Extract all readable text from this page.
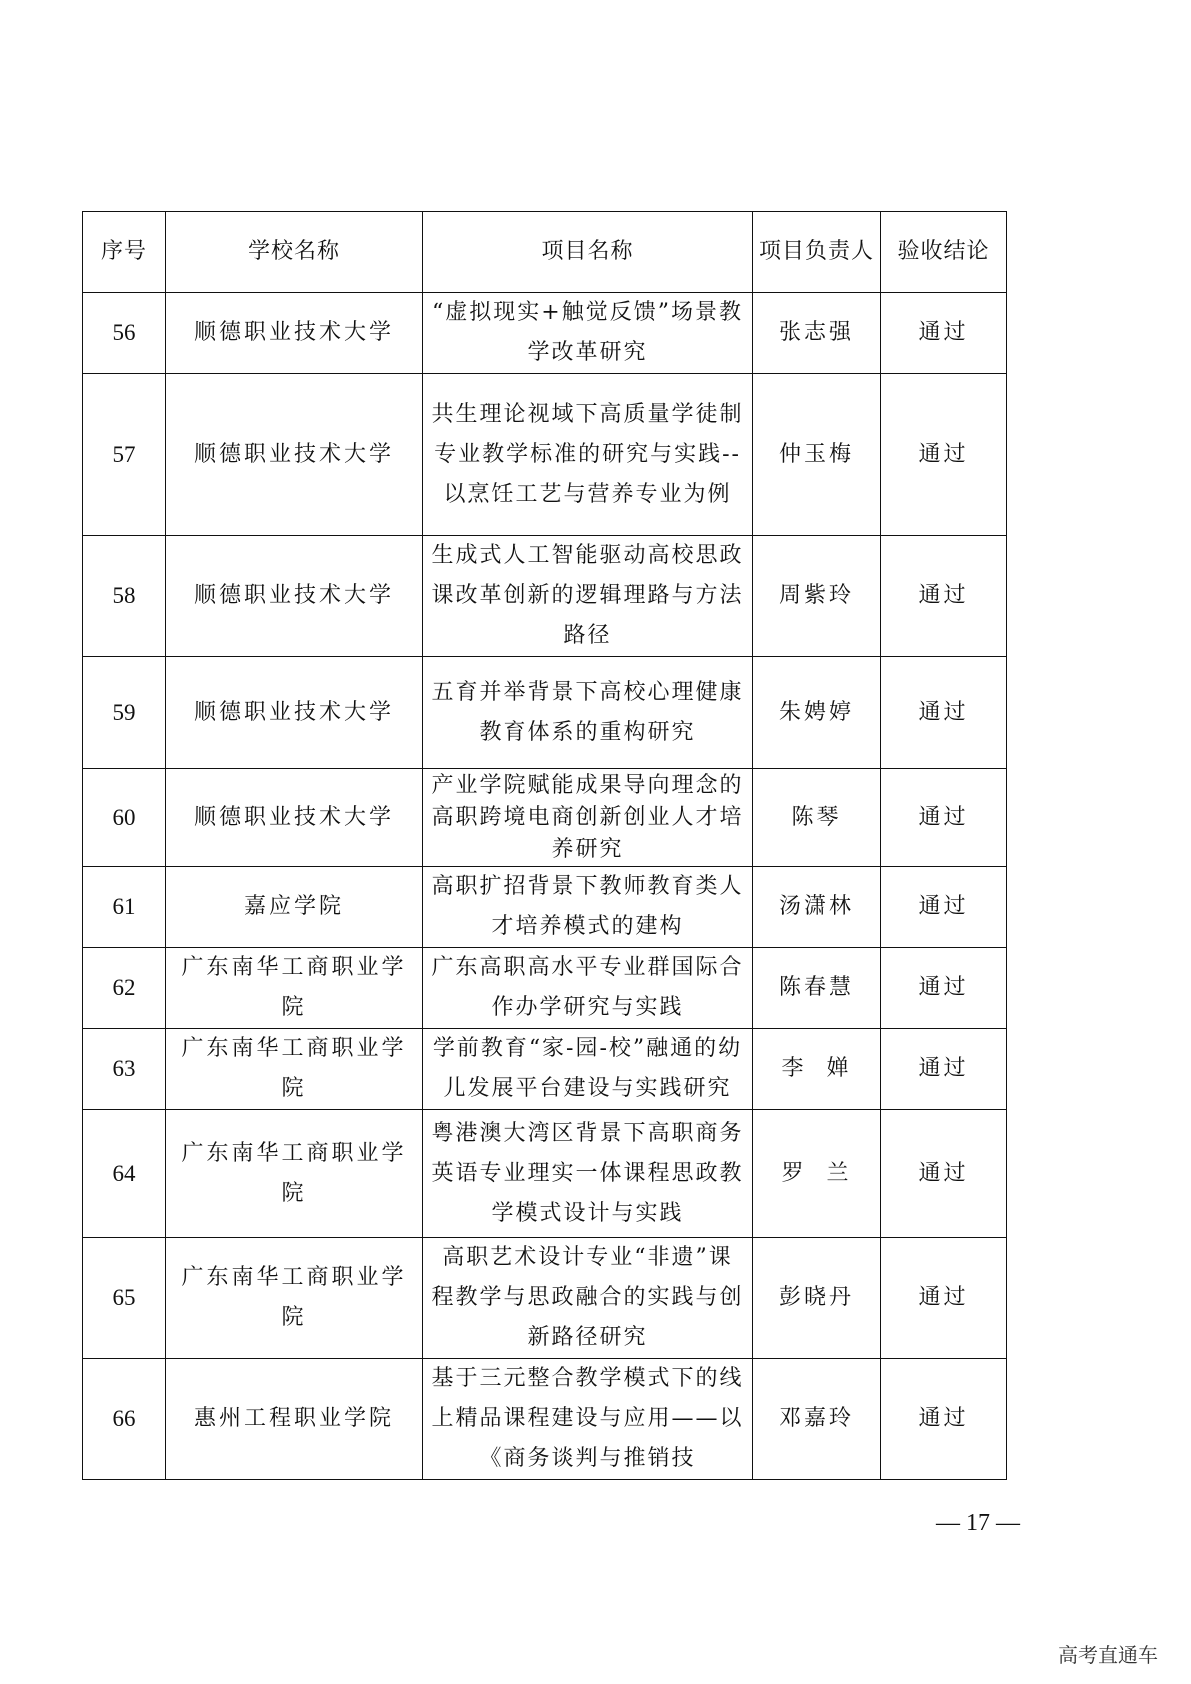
序号	学校名称	项目名称	项目负责人	验收结论
56	顺德职业技术大学	“虚拟现实+触觉反馈”场景教学改革研究	张志强	通过
57	顺德职业技术大学	共生理论视域下高质量学徒制专业教学标准的研究与实践--以烹饪工艺与营养专业为例	仲玉梅	通过
58	顺德职业技术大学	生成式人工智能驱动高校思政课改革创新的逻辑理路与方法路径	周紫玲	通过
59	顺德职业技术大学	五育并举背景下高校心理健康教育体系的重构研究	朱娉婷	通过
60	顺德职业技术大学	产业学院赋能成果导向理念的高职跨境电商创新创业人才培养研究	陈琴	通过
61	嘉应学院	高职扩招背景下教师教育类人才培养模式的建构	汤潇林	通过
62	广东南华工商职业学院	广东高职高水平专业群国际合作办学研究与实践	陈春慧	通过
63	广东南华工商职业学院	学前教育“家-园-校”融通的幼儿发展平台建设与实践研究	李  婵	通过
64	广东南华工商职业学院	粤港澳大湾区背景下高职商务英语专业理实一体课程思政教学模式设计与实践	罗  兰	通过
65	广东南华工商职业学院	高职艺术设计专业“非遗”课程教学与思政融合的实践与创新路径研究	彭晓丹	通过
66	惠州工程职业学院	基于三元整合教学模式下的线上精品课程建设与应用——以《商务谈判与推销技	邓嘉玲	通过
— 17 —
高考直通车
